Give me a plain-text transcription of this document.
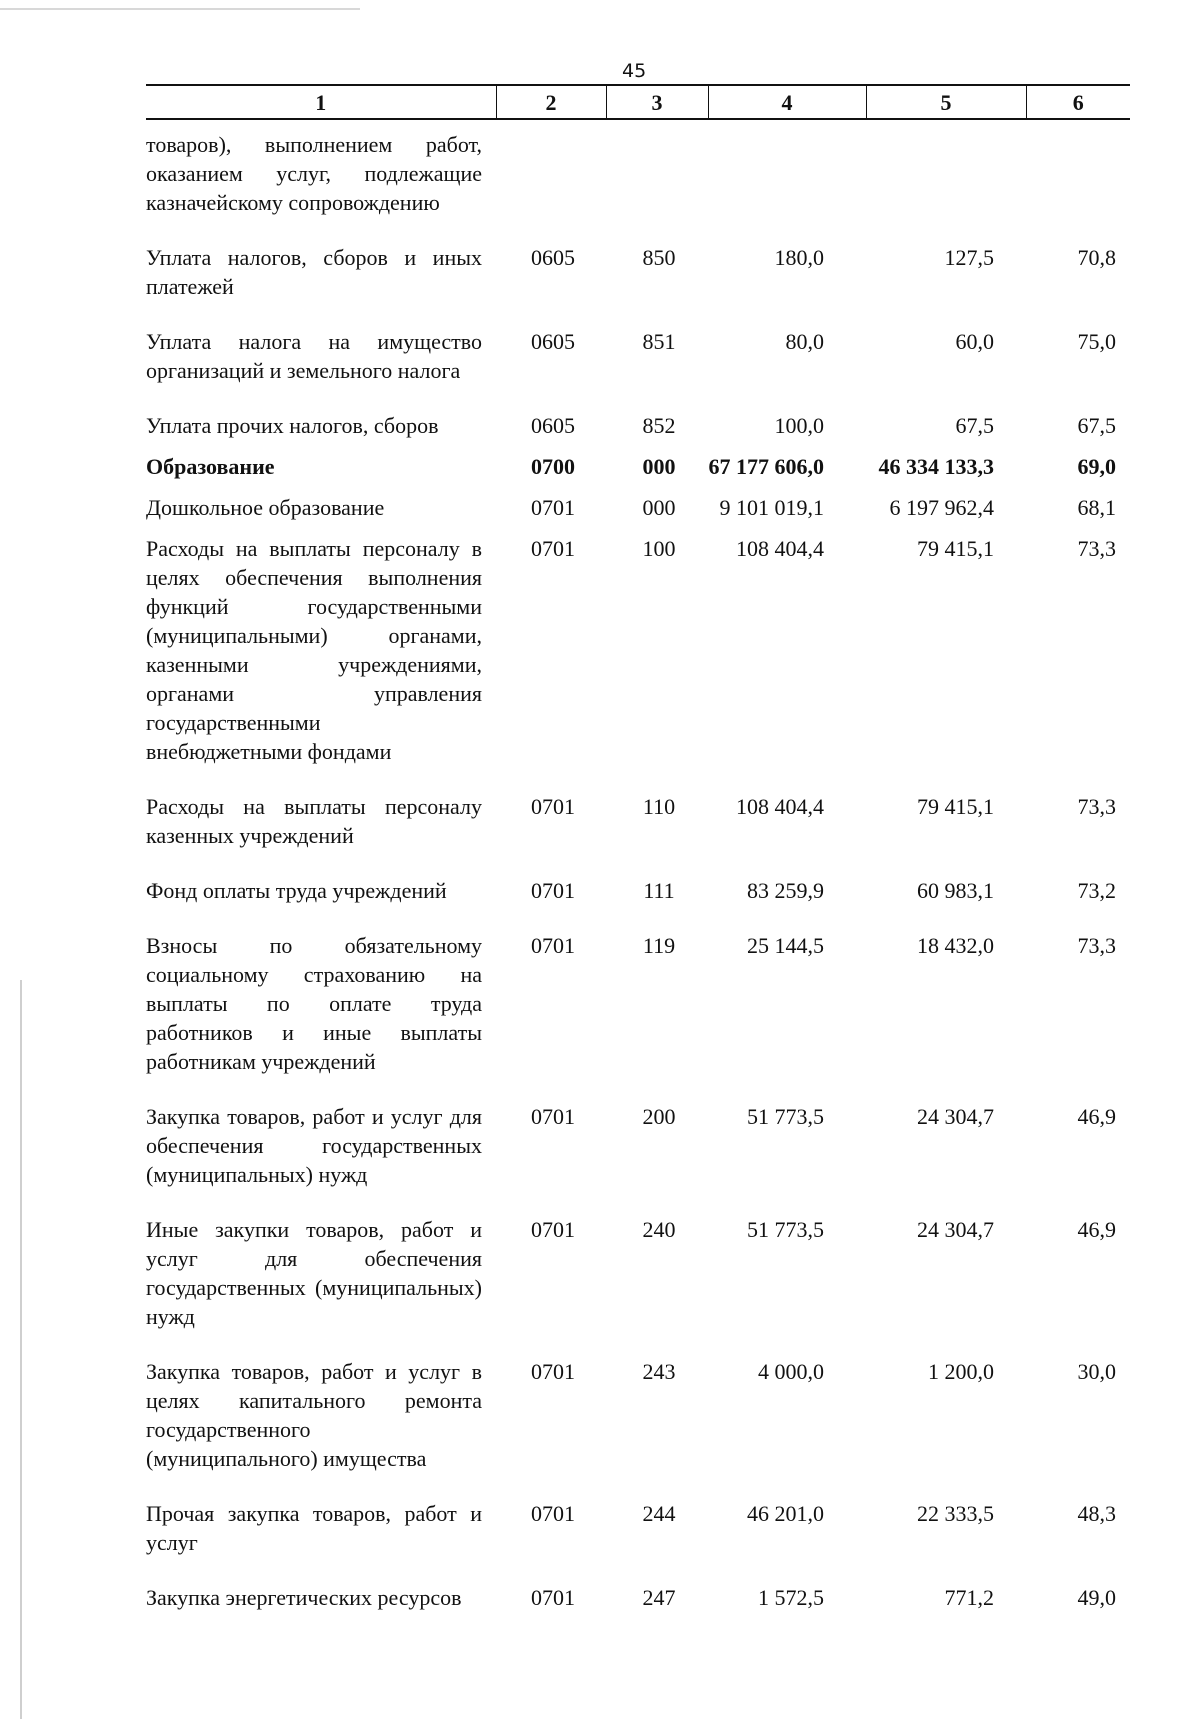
45
1	2	3	4	5	6
товаров), выполнением работ, оказанием услуг, подлежащие казначейскому сопровождению					
Уплата налогов, сборов и иных платежей	0605	850	180,0	127,5	70,8
Уплата налога на имущество организаций и земельного налога	0605	851	80,0	60,0	75,0
Уплата прочих налогов, сборов	0605	852	100,0	67,5	67,5
Образование	0700	000	67 177 606,0	46 334 133,3	69,0
Дошкольное образование	0701	000	9 101 019,1	6 197 962,4	68,1
Расходы на выплаты персоналу в целях обеспечения выполнения функций государственными (муниципальными) органами, казенными учреждениями, органами управления государственными внебюджетными фондами	0701	100	108 404,4	79 415,1	73,3
Расходы на выплаты персоналу казенных учреждений	0701	110	108 404,4	79 415,1	73,3
Фонд оплаты труда учреждений	0701	111	83 259,9	60 983,1	73,2
Взносы по обязательному социальному страхованию на выплаты по оплате труда работников и иные выплаты работникам учреждений	0701	119	25 144,5	18 432,0	73,3
Закупка товаров, работ и услуг для обеспечения государственных (муниципальных) нужд	0701	200	51 773,5	24 304,7	46,9
Иные закупки товаров, работ и услуг для обеспечения государственных (муниципальных) нужд	0701	240	51 773,5	24 304,7	46,9
Закупка товаров, работ и услуг в целях капитального ремонта государственного (муниципального) имущества	0701	243	4 000,0	1 200,0	30,0
Прочая закупка товаров, работ и услуг	0701	244	46 201,0	22 333,5	48,3
Закупка энергетических ресурсов	0701	247	1 572,5	771,2	49,0
